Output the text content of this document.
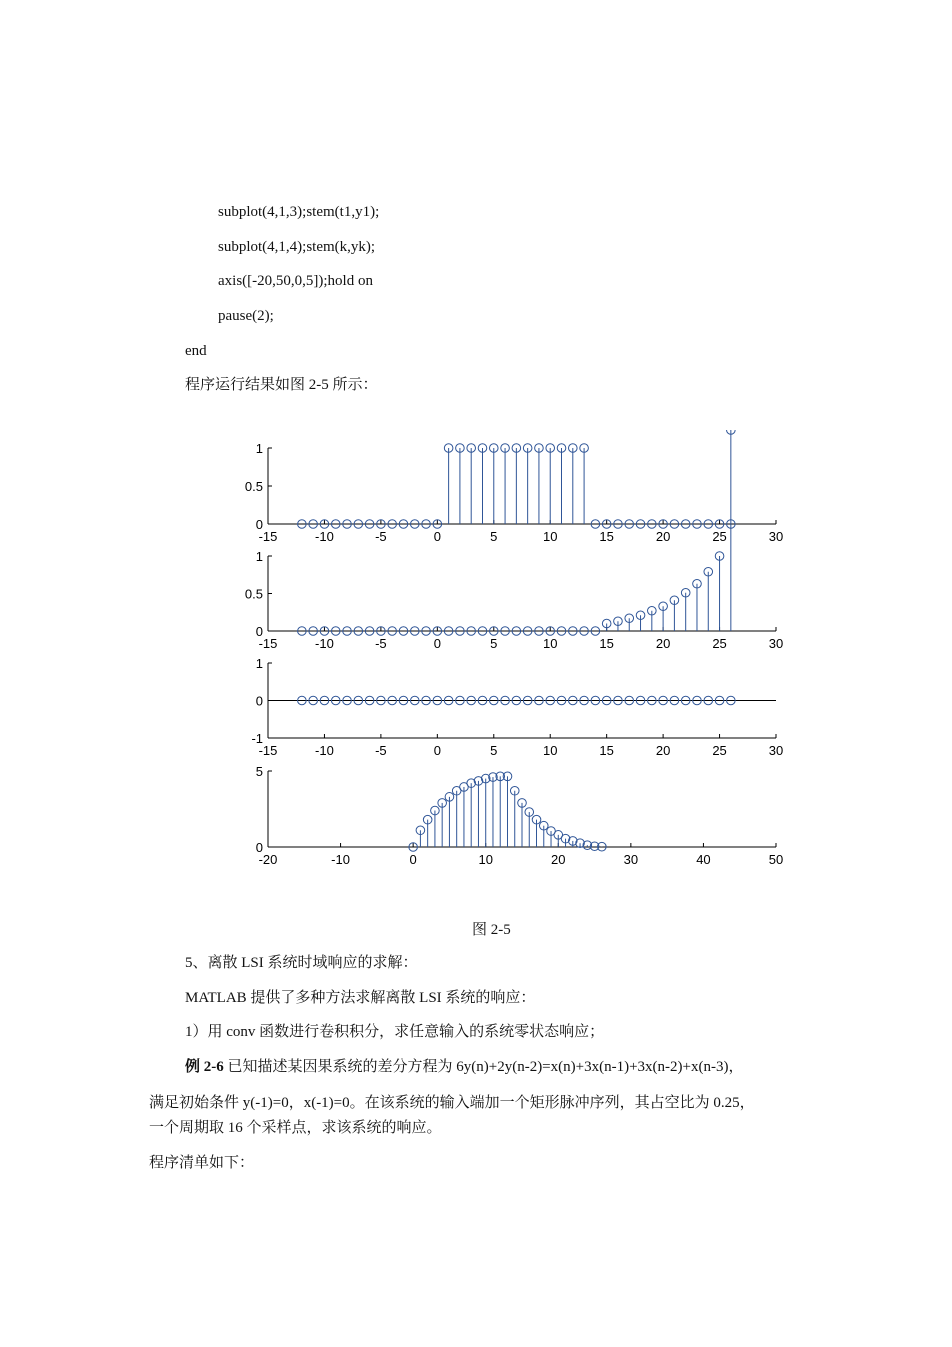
subplot(4,1,3);stem(t1,y1);
subplot(4,1,4);stem(k,yk);
axis([-20,50,0,5]);hold on
pause(2);
end
程序运行结果如图 2-5 所示：
-15	-10	-5	0	5	10	15	20	25	30
0
0.5
1
-15	-10	-5	0	5	10	15	20	25	30
0
0.5
1
-15	-10	-5	0	5	10	15	20	25	30
-1
0
1
-20	-10	0	10	20	30	40	50
0
5
图 2-5
5、离散 LSI 系统时域响应的求解：
MATLAB 提供了多种方法求解离散 LSI 系统的响应：
1）用 conv 函数进行卷积积分，求任意输入的系统零状态响应；
例 2-6 已知描述某因果系统的差分方程为 6y(n)+2y(n-2)=x(n)+3x(n-1)+3x(n-2)+x(n-3)，
满足初始条件 y(-1)=0，x(-1)=0。在该系统的输入端加一个矩形脉冲序列，其占空比为 0.25，
一个周期取 16 个采样点，求该系统的响应。
程序清单如下：
